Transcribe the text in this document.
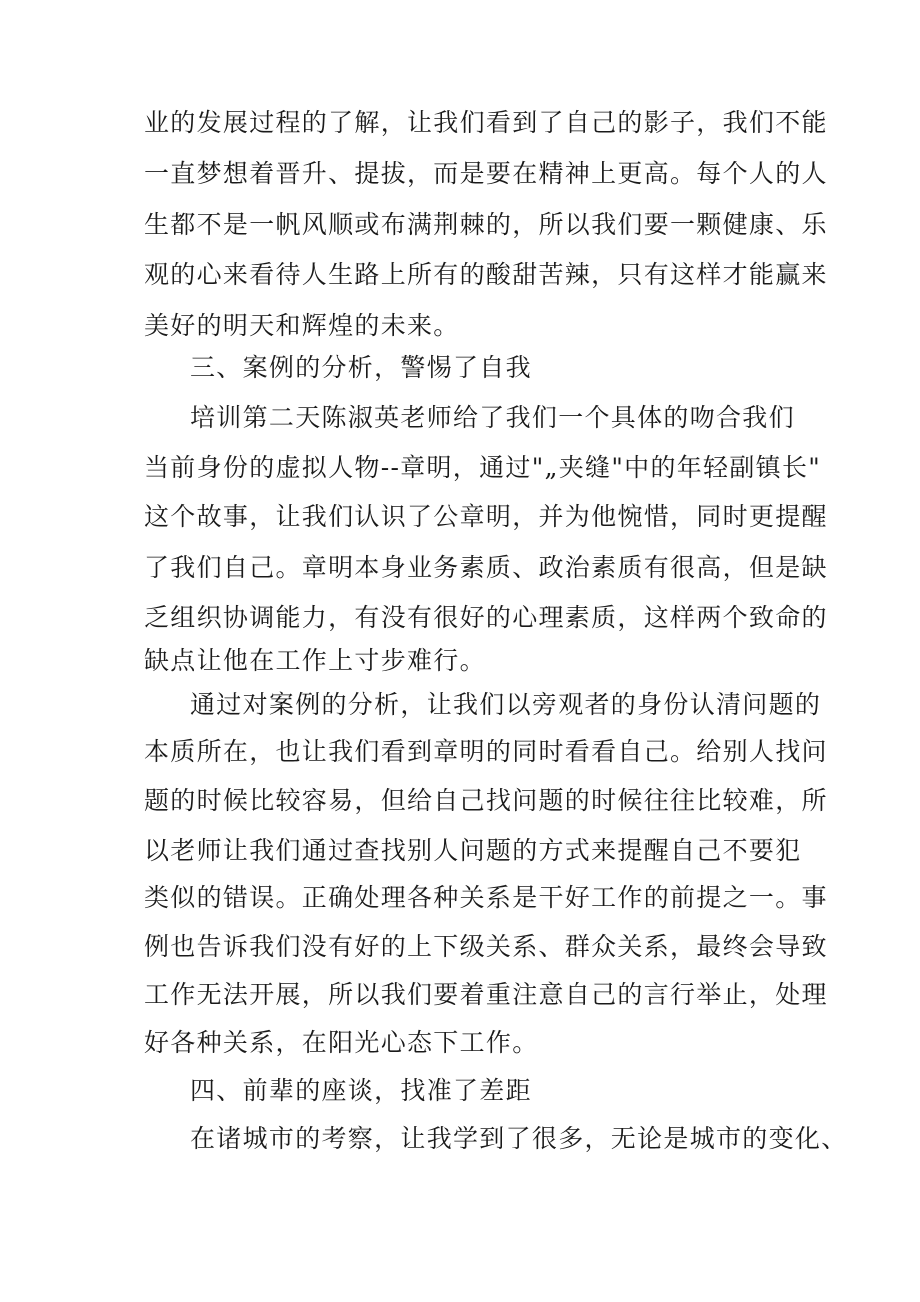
业的发展过程的了解，让我们看到了自己的影子，我们不能
一直梦想着晋升、提拔，而是要在精神上更高。每个人的人
生都不是一帆风顺或布满荆棘的，所以我们要一颗健康、乐
观的心来看待人生路上所有的酸甜苦辣，只有这样才能赢来
美好的明天和辉煌的未来。
三、案例的分析，警惕了自我
培训第二天陈淑英老师给了我们一个具体的吻合我们
当前身份的虚拟人物--章明，通过"„夹缝"中的年轻副镇长"
这个故事，让我们认识了公章明，并为他惋惜，同时更提醒
了我们自己。章明本身业务素质、政治素质有很高，但是缺
乏组织协调能力，有没有很好的心理素质，这样两个致命的
缺点让他在工作上寸步难行。
通过对案例的分析，让我们以旁观者的身份认清问题的
本质所在，也让我们看到章明的同时看看自己。给别人找问
题的时候比较容易，但给自己找问题的时候往往比较难，所
以老师让我们通过查找别人问题的方式来提醒自己不要犯
类似的错误。正确处理各种关系是干好工作的前提之一。事
例也告诉我们没有好的上下级关系、群众关系，最终会导致
工作无法开展，所以我们要着重注意自己的言行举止，处理
好各种关系，在阳光心态下工作。
四、前辈的座谈，找准了差距
在诸城市的考察，让我学到了很多，无论是城市的变化、
